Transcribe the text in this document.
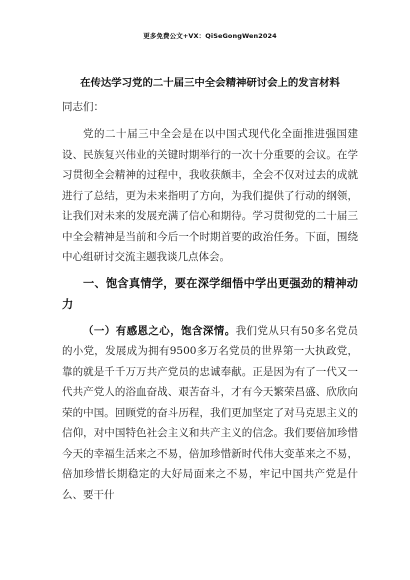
更多免费公文+VX：QiSeGongWen2024
在传达学习党的二十届三中全会精神研讨会上的发言材料
同志们：

党的二十届三中全会是在以中国式现代化全面推进强国建设、民族复兴伟业的关键时期举行的一次十分重要的会议。在学习贯彻全会精神的过程中，我收获颇丰，全会不仅对过去的成就进行了总结，更为未来指明了方向，为我们提供了行动的纲领，让我们对未来的发展充满了信心和期待。学习贯彻党的二十届三中全会精神是当前和今后一个时期首要的政治任务。下面，围绕中心组研讨交流主题我谈几点体会。

一、饱含真情学，要在深学细悟中学出更强劲的精神动力

（一）有感恩之心，饱含深情。我们党从只有50多名党员的小党，发展成为拥有9500多万名党员的世界第一大执政党，靠的就是千千万万共产党员的忠诚奉献。正是因为有了一代又一代共产党人的浴血奋战、艰苦奋斗，才有今天繁荣昌盛、欣欣向荣的中国。回顾党的奋斗历程，我们更加坚定了对马克思主义的信仰，对中国特色社会主义和共产主义的信念。我们要倍加珍惜今天的幸福生活来之不易，倍加珍惜新时代伟大变革来之不易，倍加珍惜长期稳定的大好局面来之不易，牢记中国共产党是什么、要干什
